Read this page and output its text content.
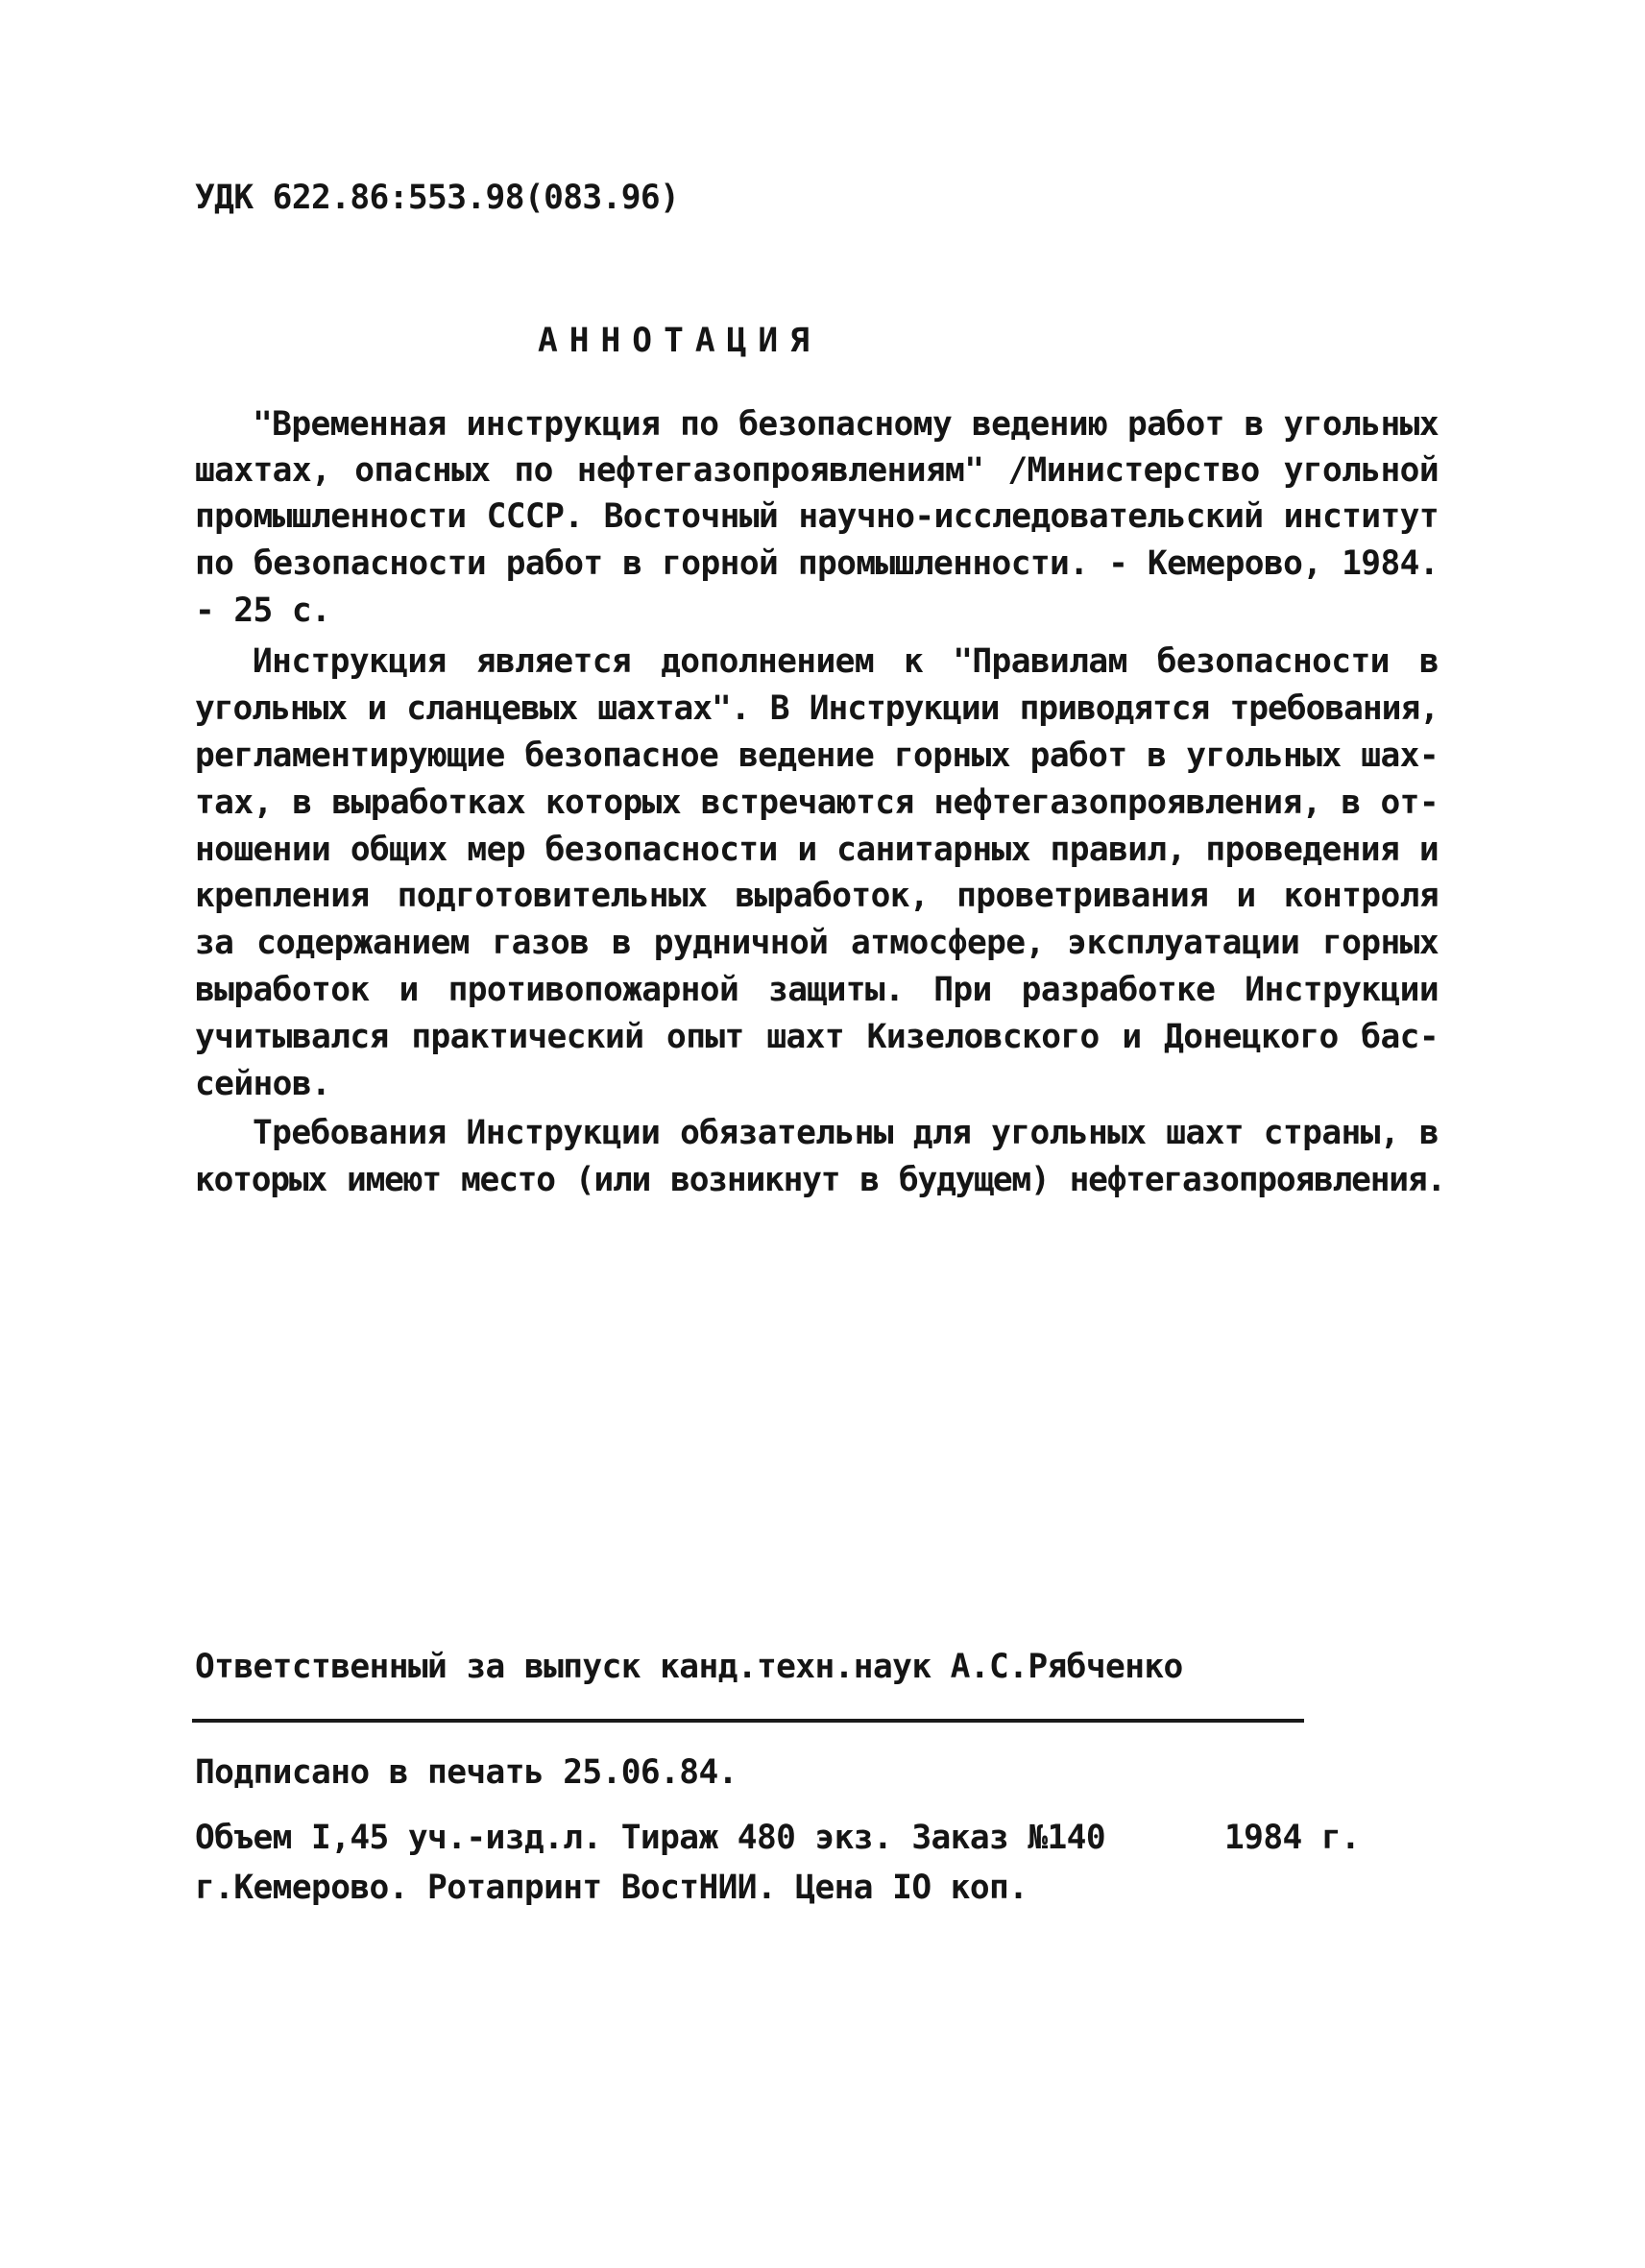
УДК 622.86:553.98(083.96)
АННОТАЦИЯ
"Временная инструкция по безопасному ведению работ в угольных
шахтах, опасных по нефтегазопроявлениям" /Министерство угольной
промышленности СССР. Восточный научно-исследовательский институт
по безопасности работ в горной промышленности. - Кемерово, 1984.
- 25 с.
Инструкция является дополнением к "Правилам безопасности в
угольных и сланцевых шахтах". В Инструкции приводятся требования,
регламентирующие безопасное ведение горных работ в угольных шах-
тах, в выработках которых встречаются нефтегазопроявления, в от-
ношении общих мер безопасности и санитарных правил, проведения и
крепления подготовительных выработок, проветривания и контроля
за содержанием газов в рудничной атмосфере, эксплуатации горных
выработок и противопожарной защиты. При разработке Инструкции
учитывался практический опыт шахт Кизеловского и Донецкого бас-
сейнов.
Требования Инструкции обязательны для угольных шахт страны, в
которых имеют место (или возникнут в будущем) нефтегазопроявления.
Ответственный за выпуск канд.техн.наук А.С.Рябченко
Подписано в печать 25.06.84.
Объем I,45 уч.-изд.л. Тираж 480 экз. Заказ №140	1984 г.
г.Кемерово. Ротапринт ВостНИИ. Цена IО коп.
